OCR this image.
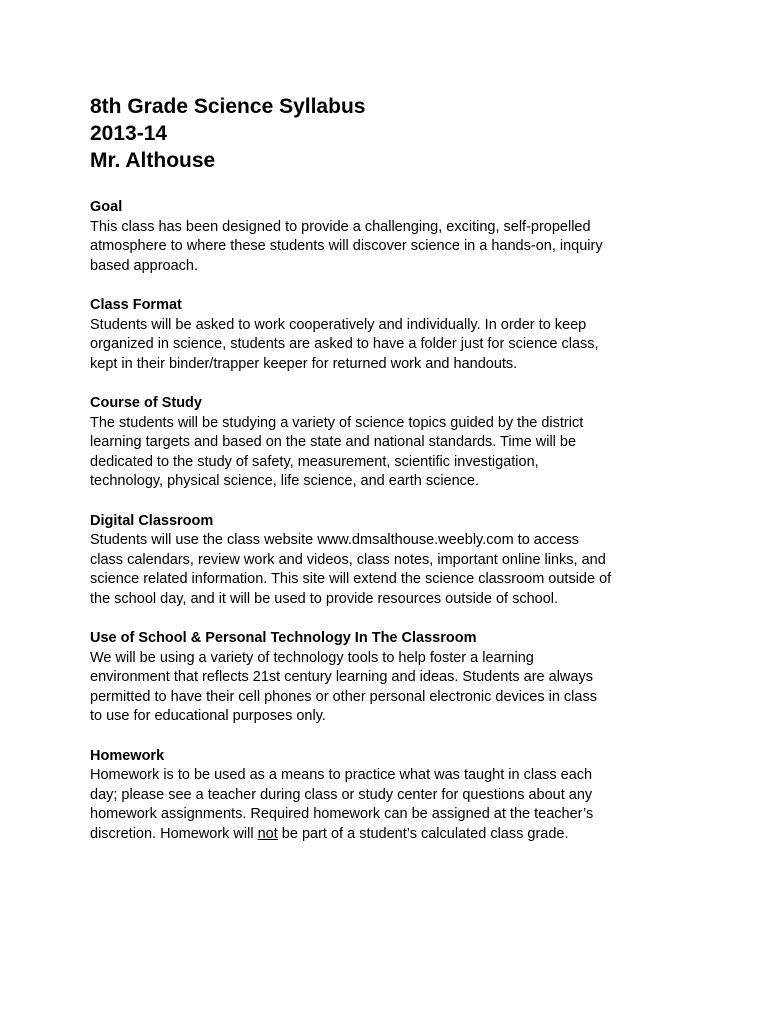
8th Grade Science Syllabus

2013-14

Mr. Althouse

Goal

This class has been designed to provide a challenging, exciting, self-propelled
atmosphere to where these students will discover science in a hands-on, inquiry
based approach.

Class Format

Students will be asked to work cooperatively and individually. In order to keep
organized in science, students are asked to have a folder just for science class,
kept in their binder/trapper keeper for returned work and handouts.

Course of Study

The students will be studying a variety of science topics guided by the district
learning targets and based on the state and national standards. Time will be
dedicated to the study of safety, measurement, scientific investigation,
technology, physical science, life science, and earth science.

Digital Classroom

Students will use the class website www.dmsalthouse.weebly.com to access
class calendars, review work and videos, class notes, important online links, and
science related information. This site will extend the science classroom outside of
the school day, and it will be used to provide resources outside of school.

Use of School & Personal Technology In The Classroom

We will be using a variety of technology tools to help foster a learning
environment that reflects 21st century learning and ideas. Students are always
permitted to have their cell phones or other personal electronic devices in class
to use for educational purposes only.

Homework

Homework is to be used as a means to practice what was taught in class each
day; please see a teacher during class or study center for questions about any
homework assignments. Required homework can be assigned at the teacher’s
discretion. Homework will not be part of a student’s calculated class grade.
